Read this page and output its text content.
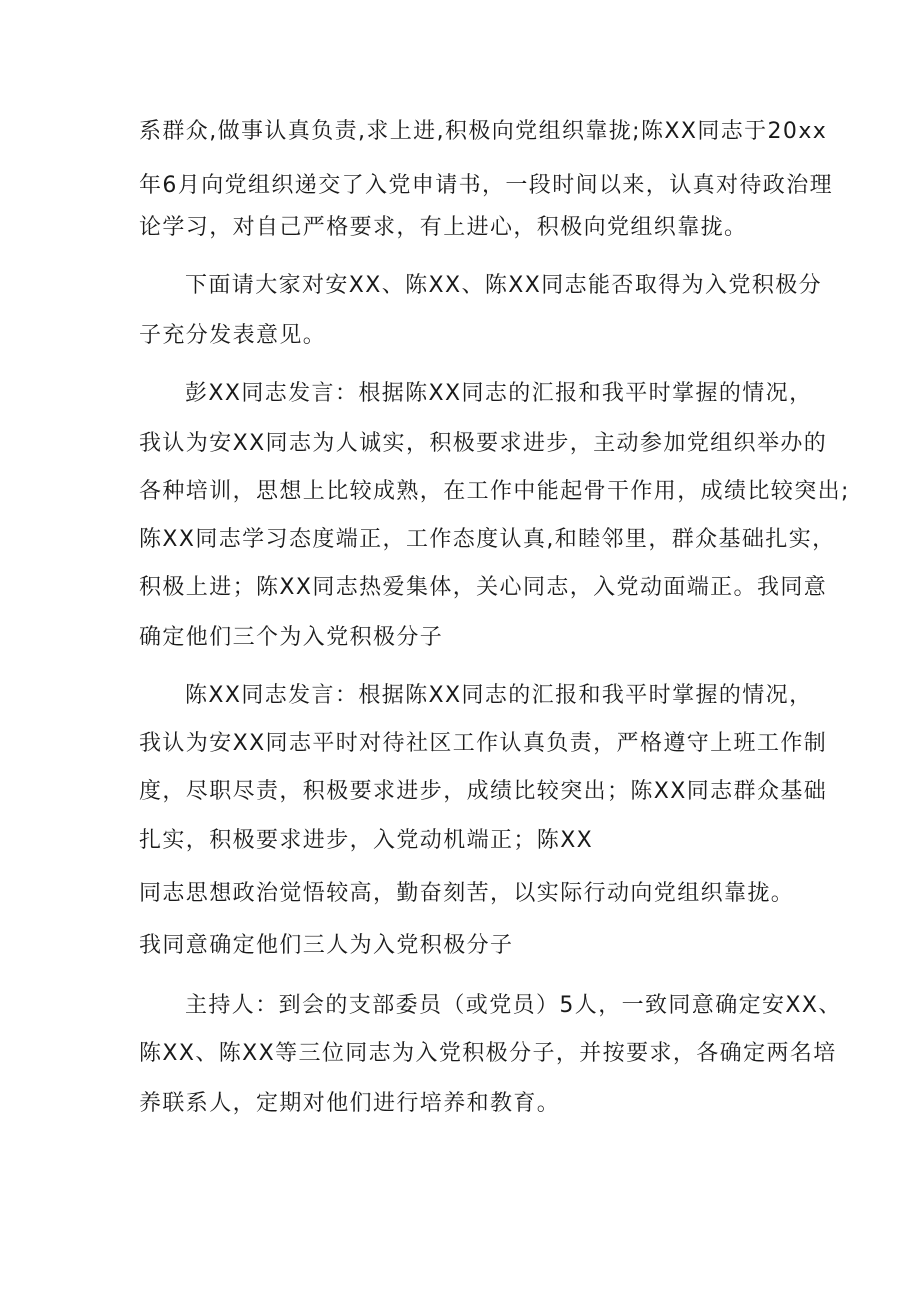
系群众,做事认真负责,求上进,积极向党组织靠拢;陈XX同志于20xx
年6月向党组织递交了入党申请书，一段时间以来，认真对待政治理
论学习，对自己严格要求，有上进心，积极向党组织靠拢。
下面请大家对安XX、陈XX、陈XX同志能否取得为入党积极分
子充分发表意见。
彭XX同志发言：根据陈XX同志的汇报和我平时掌握的情况，
我认为安XX同志为人诚实，积极要求进步，主动参加党组织举办的
各种培训，思想上比较成熟，在工作中能起骨干作用，成绩比较突出;
陈XX同志学习态度端正，工作态度认真,和睦邻里，群众基础扎实，
积极上进；陈XX同志热爱集体，关心同志，入党动面端正。我同意
确定他们三个为入党积极分子
陈XX同志发言：根据陈XX同志的汇报和我平时掌握的情况，
我认为安XX同志平时对待社区工作认真负责，严格遵守上班工作制
度，尽职尽责，积极要求进步，成绩比较突出；陈XX同志群众基础
扎实，积极要求进步，入党动机端正；陈XX
同志思想政治觉悟较高，勤奋刻苦，以实际行动向党组织靠拢。
我同意确定他们三人为入党积极分子
主持人：到会的支部委员（或党员）5人，一致同意确定安XX、
陈XX、陈XX等三位同志为入党积极分子，并按要求，各确定两名培
养联系人，定期对他们进行培养和教育。
